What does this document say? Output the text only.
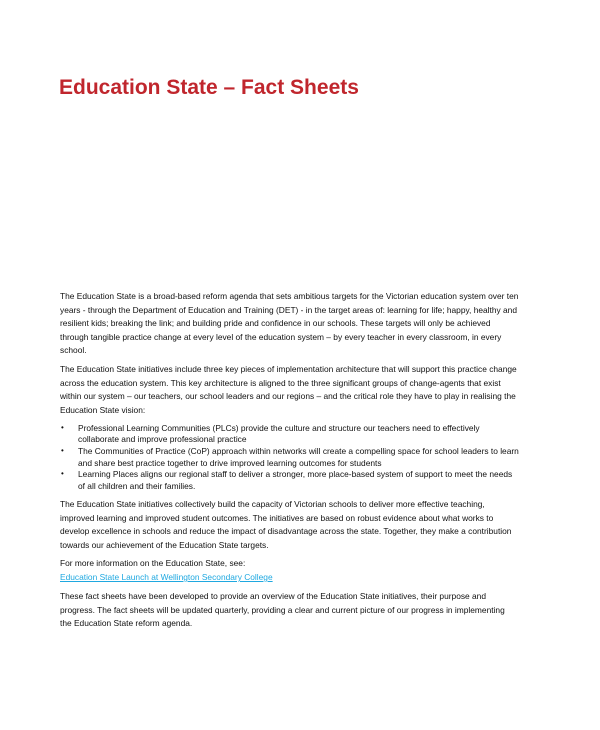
Education State – Fact Sheets
The Education State is a broad-based reform agenda that sets ambitious targets for the Victorian education system over ten
years - through the Department of Education and Training (DET) - in the target areas of: learning for life; happy, healthy and
resilient kids; breaking the link; and building pride and confidence in our schools. These targets will only be achieved
through tangible practice change at every level of the education system – by every teacher in every classroom, in every
school.
The Education State initiatives include three key pieces of implementation architecture that will support this practice change
across the education system. This key architecture is aligned to the three significant groups of change-agents that exist
within our system – our teachers, our school leaders and our regions – and the critical role they have to play in realising the
Education State vision:
• Professional Learning Communities (PLCs) provide the culture and structure our teachers need to effectively
collaborate and improve professional practice
• The Communities of Practice (CoP) approach within networks will create a compelling space for school leaders to learn
and share best practice together to drive improved learning outcomes for students
• Learning Places aligns our regional staff to deliver a stronger, more place-based system of support to meet the needs
of all children and their families.
The Education State initiatives collectively build the capacity of Victorian schools to deliver more effective teaching,
improved learning and improved student outcomes. The initiatives are based on robust evidence about what works to
develop excellence in schools and reduce the impact of disadvantage across the state. Together, they make a contribution
towards our achievement of the Education State targets.
For more information on the Education State, see:
Education State Launch at Wellington Secondary College
These fact sheets have been developed to provide an overview of the Education State initiatives, their purpose and
progress. The fact sheets will be updated quarterly, providing a clear and current picture of our progress in implementing
the Education State reform agenda.
